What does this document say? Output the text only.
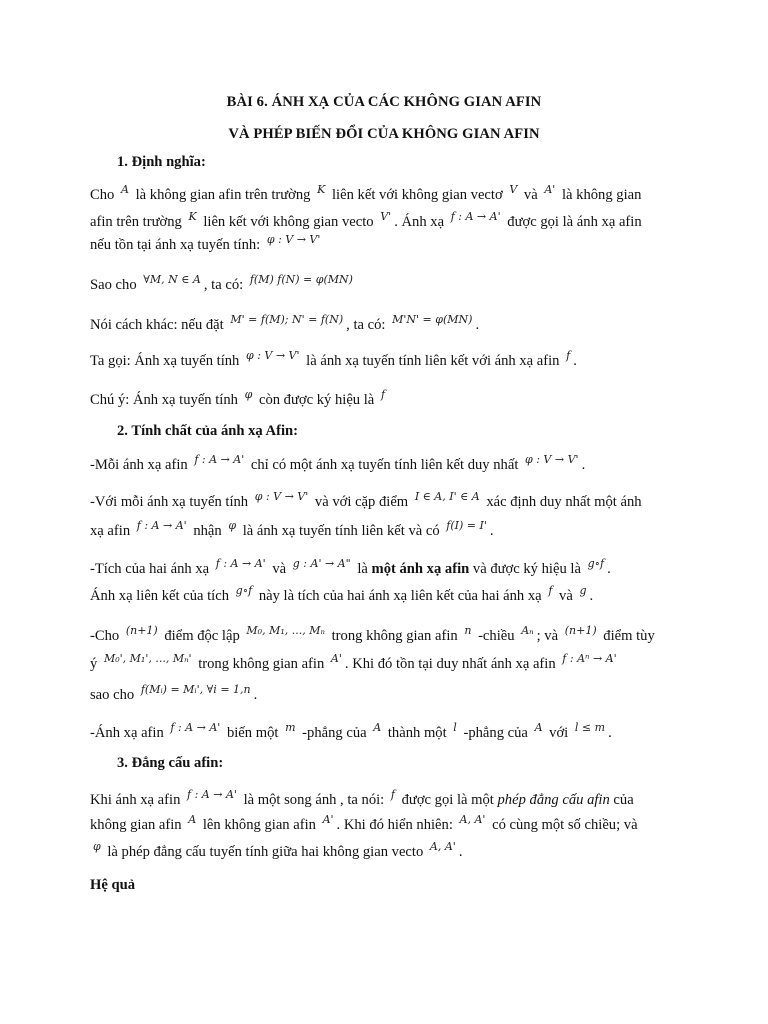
BÀI 6. ÁNH XẠ CỦA CÁC KHÔNG GIAN AFIN
VÀ PHÉP BIẾN ĐỔI CỦA KHÔNG GIAN AFIN
1. Định nghĩa:
Cho $^A$ là không gian afin trên trường $^K$ liên kết với không gian vectơ $^V$ và $^{A'}$ là không gian
afin trên trường $^K$ liên kết với không gian vecto $^{V'}$ . Ánh xạ $^{f : A \to A'}$ được gọi là ánh xạ afin
nếu tồn tại ánh xạ tuyến tính: $^{\varphi : V \to V'}$
Sao cho $^{\forall M, N \in A}$ , ta có: $^{f(M) f(N) = \varphi(MN)}$
Nói cách khác: nếu đặt $^{M' = f(M); N' = f(N)}$ , ta có: $^{M'N' = \varphi(MN)}$ .
Ta gọi: Ánh xạ tuyến tính $^{\varphi : V \to V'}$ là ánh xạ tuyến tính liên kết với ánh xạ afin $^f$ .
Chú ý: Ánh xạ tuyến tính $^\varphi$ còn được ký hiệu là $^f$
2. Tính chất của ánh xạ Afin:
-Mỗi ánh xạ afin $^{f : A \to A'}$ chỉ có một ánh xạ tuyến tính liên kết duy nhất $^{\varphi : V \to V'}$ .
-Với mỗi ánh xạ tuyến tính $^{\varphi : V \to V'}$ và với cặp điểm $^{I \in A, I' \in A}$ xác định duy nhất một ánh
xạ afin $^{f : A \to A'}$ nhận $^\varphi$ là ánh xạ tuyến tính liên kết và có $^{f(I) = I'}$ .
-Tích của hai ánh xạ $^{f : A \to A'}$ và $^{g : A' \to A"}$ là một ánh xạ afin và được ký hiệu là $^{g\circ f}$ .
Ánh xạ liên kết của tích $^{g\circ f}$ này là tích của hai ánh xạ liên kết của hai ánh xạ $^f$ và $^g$ .
-Cho $^{(n+1)}$ điểm độc lập $^{M_0, M_1, ..., M_n}$ trong không gian afin $^n$ -chiều $^{A_n}$ ; và $^{(n+1)}$ điểm tùy
ý $^{M_0', M_1', ..., M_n'}$ trong không gian afin $^{A'}$ . Khi đó tồn tại duy nhất ánh xạ afin $^{f : A^n \to A'}$
sao cho $^{f(Mᵢ) = Mᵢ', \forall i = 1,n}$ .
-Ánh xạ afin $^{f : A \to A'}$ biến một $^m$ -phẳng của $^A$ thành một $^l$ -phẳng của $^A$ với $^{l \le m}$ .
3. Đẳng cấu afin:
Khi ánh xạ afin $^{f : A \to A'}$ là một song ánh , ta nói: $^f$ được gọi là một phép đẳng cấu afin của
không gian afin $^A$ lên không gian afin $^{A'}$ . Khi đó hiển nhiên: $^{A, A'}$ có cùng một số chiều; và
$^\varphi$ là phép đẳng cấu tuyến tính giữa hai không gian vecto $^{A, A'}$ .
Hệ quả
